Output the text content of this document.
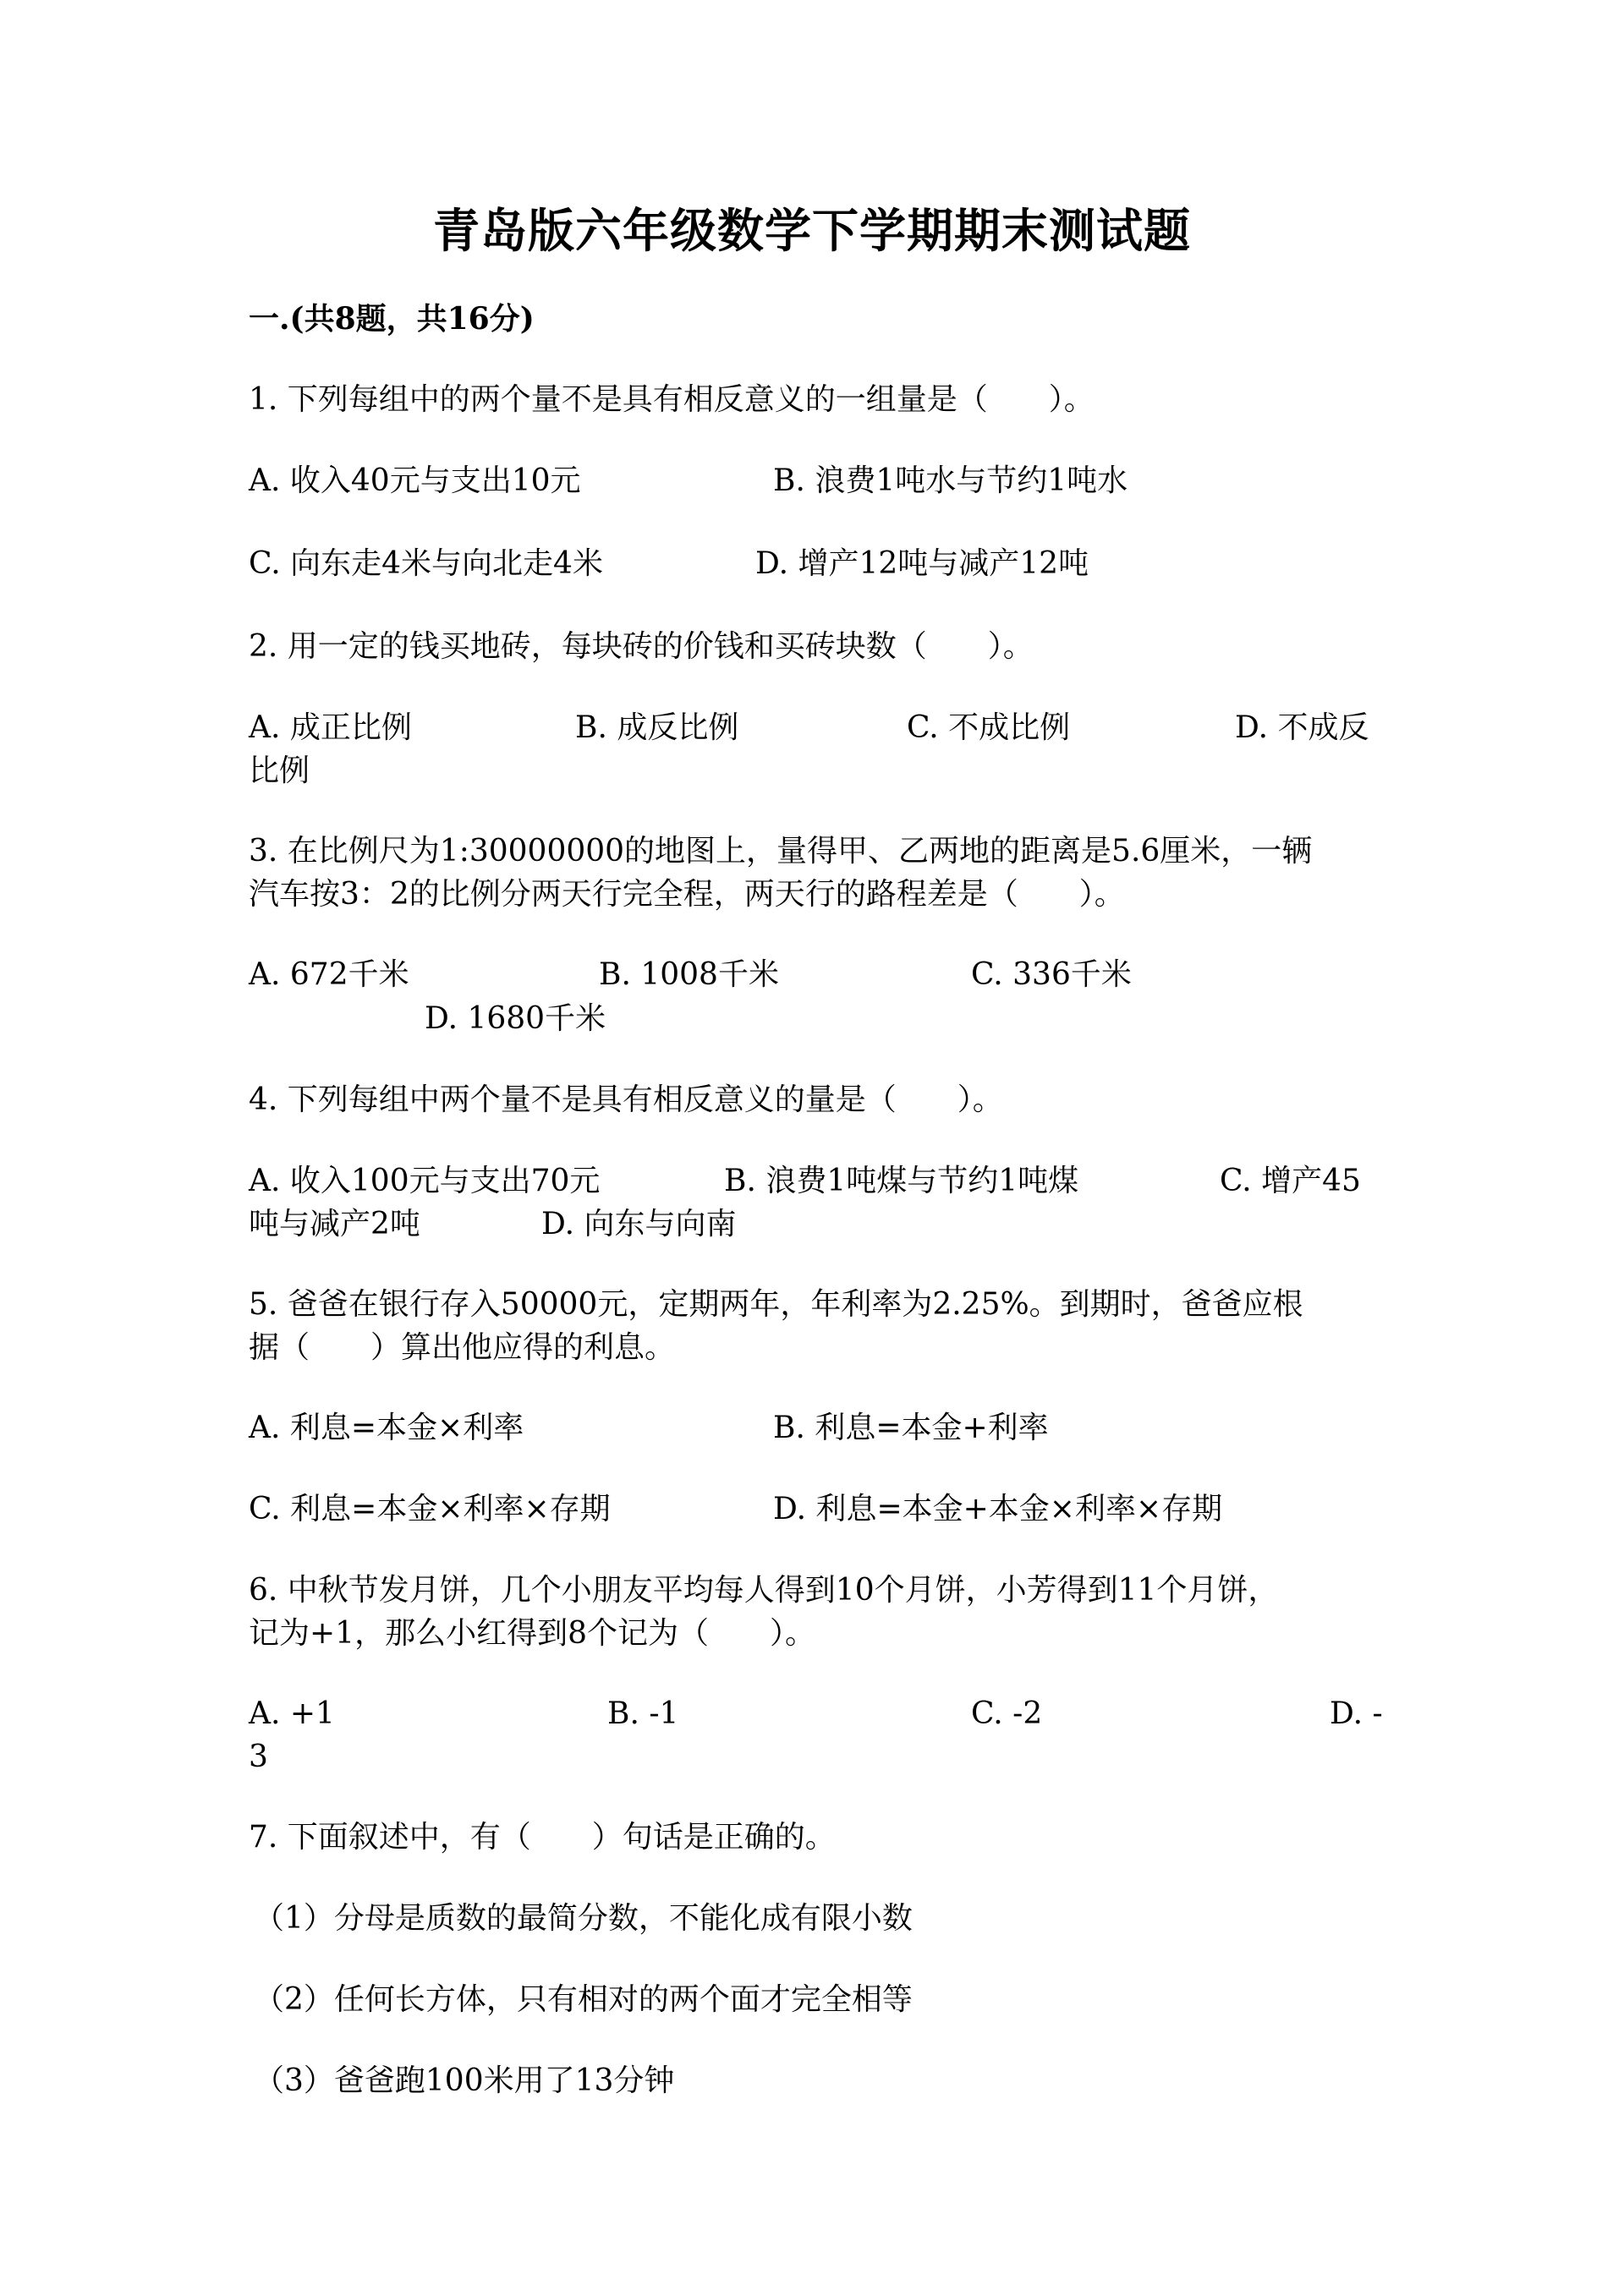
青岛版六年级数学下学期期末测试题
一.(共8题，共16分)
1. 下列每组中的两个量不是具有相反意义的一组量是（　　）。
A. 收入40元与支出10元	B. 浪费1吨水与节约1吨水
C. 向东走4米与向北走4米	D. 增产12吨与减产12吨
2. 用一定的钱买地砖，每块砖的价钱和买砖块数（　　）。
A. 成正比例	B. 成反比例	C. 不成比例	D. 不成反
比例
3. 在比例尺为1:30000000的地图上，量得甲、乙两地的距离是5.6厘米，一辆
汽车按3：2的比例分两天行完全程，两天行的路程差是（　　）。
A. 672千米	B. 1008千米	C. 336千米
D. 1680千米
4. 下列每组中两个量不是具有相反意义的量是（　　）。
A. 收入100元与支出70元	B. 浪费1吨煤与节约1吨煤	C. 增产45
吨与减产2吨	D. 向东与向南
5. 爸爸在银行存入50000元，定期两年，年利率为2.25%。到期时，爸爸应根
据（　　）算出他应得的利息。
A. 利息=本金×利率	B. 利息=本金+利率
C. 利息=本金×利率×存期	D. 利息=本金+本金×利率×存期
6. 中秋节发月饼，几个小朋友平均每人得到10个月饼，小芳得到11个月饼，
记为+1，那么小红得到8个记为（　　）。
A. +1	B. -1	C. -2	D. -
3
7. 下面叙述中，有（　　）句话是正确的。
（1）分母是质数的最简分数，不能化成有限小数
（2）任何长方体，只有相对的两个面才完全相等
（3）爸爸跑100米用了13分钟
